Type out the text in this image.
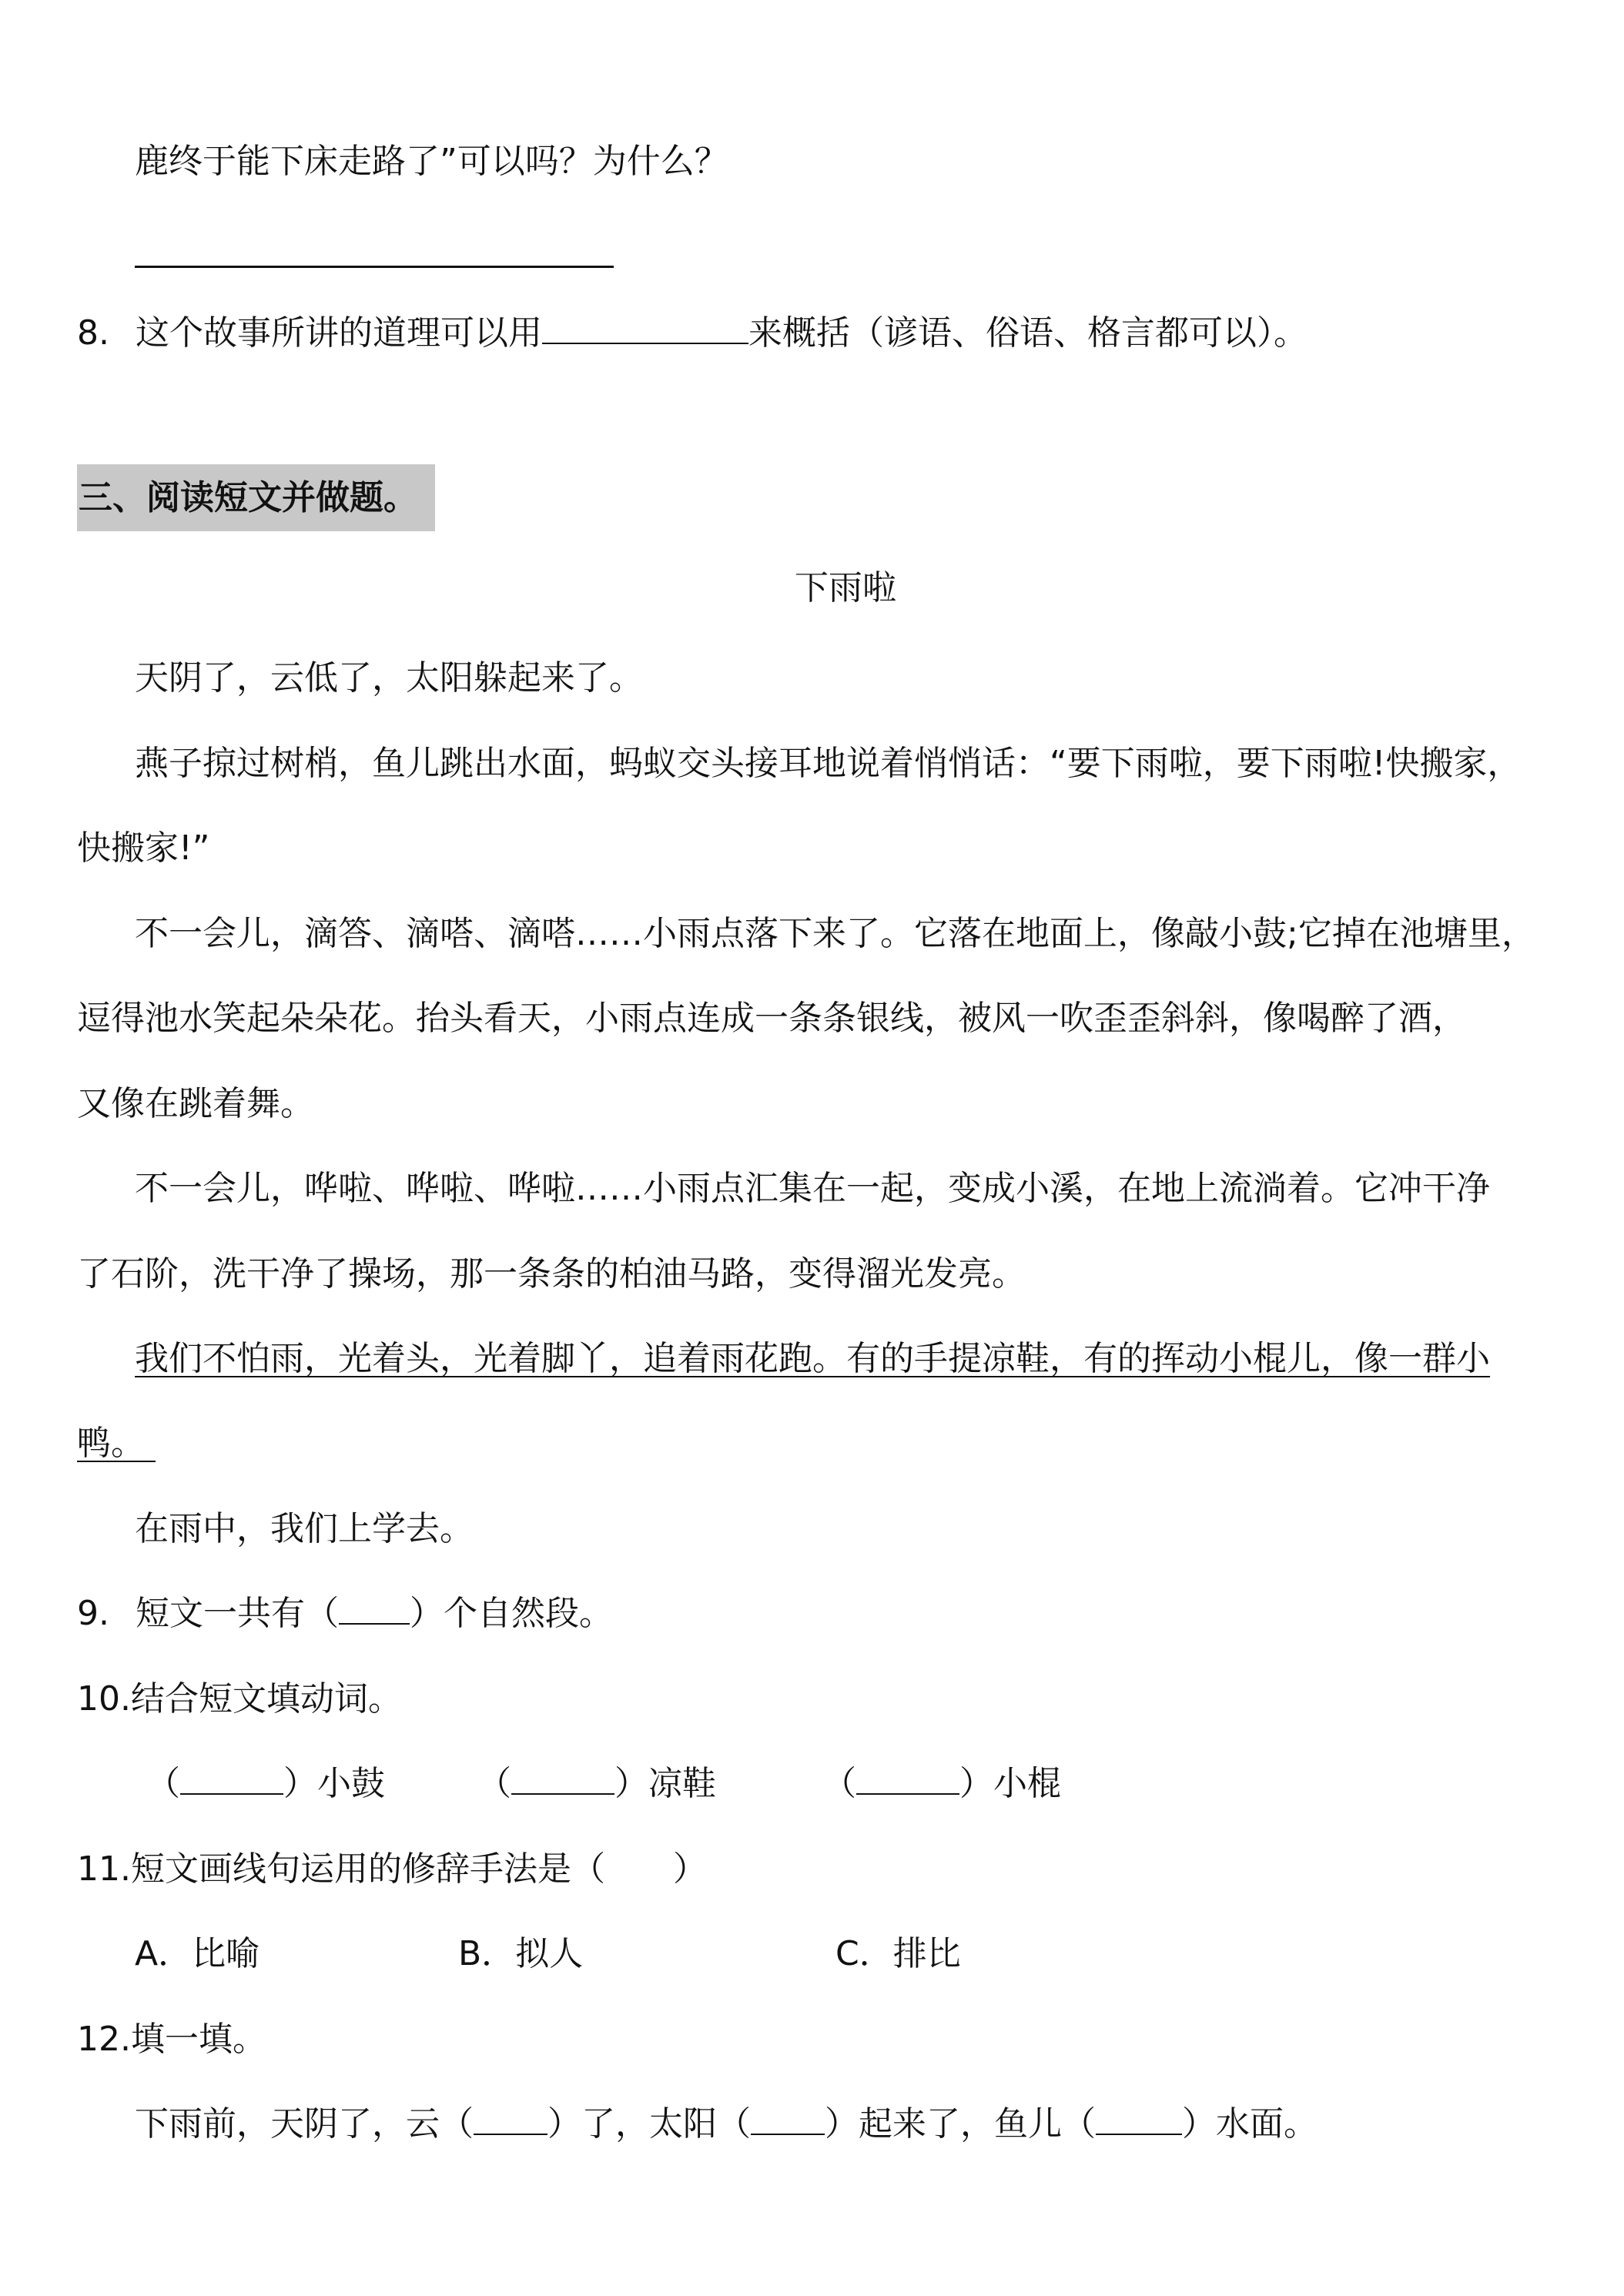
鹿终于能下床走路了”可以吗？为什么？
8. 这个故事所讲的道理可以用	来概括（谚语、俗语、格言都可以）。
三、阅读短文并做题。
下雨啦
天阴了，云低了，太阳躲起来了。
燕子掠过树梢，鱼儿跳出水面，蚂蚁交头接耳地说着悄悄话：“要下雨啦，要下雨啦!快搬家，
快搬家!”
不一会儿，滴答、滴嗒、滴嗒……小雨点落下来了。它落在地面上，像敲小鼓;它掉在池塘里，
逗得池水笑起朵朵花。抬头看天，小雨点连成一条条银线，被风一吹歪歪斜斜，像喝醉了酒，
又像在跳着舞。
不一会儿，哗啦、哗啦、哗啦……小雨点汇集在一起，变成小溪，在地上流淌着。它冲干净
了石阶，洗干净了操场，那一条条的柏油马路，变得溜光发亮。
我们不怕雨，光着头，光着脚丫，追着雨花跑。有的手提凉鞋，有的挥动小棍儿，像一群小
鸭。
在雨中，我们上学去。
9. 短文一共有（ ）个自然段。
10.结合短文填动词。
（	）小鼓	（	）凉鞋	（	）小棍
11.短文画线句运用的修辞手法是（　　）
A．比喻	B．拟人	C．排比
12.填一填。
下雨前，天阴了，云（ ）了，太阳（ ）起来了，鱼儿（	）水面。
